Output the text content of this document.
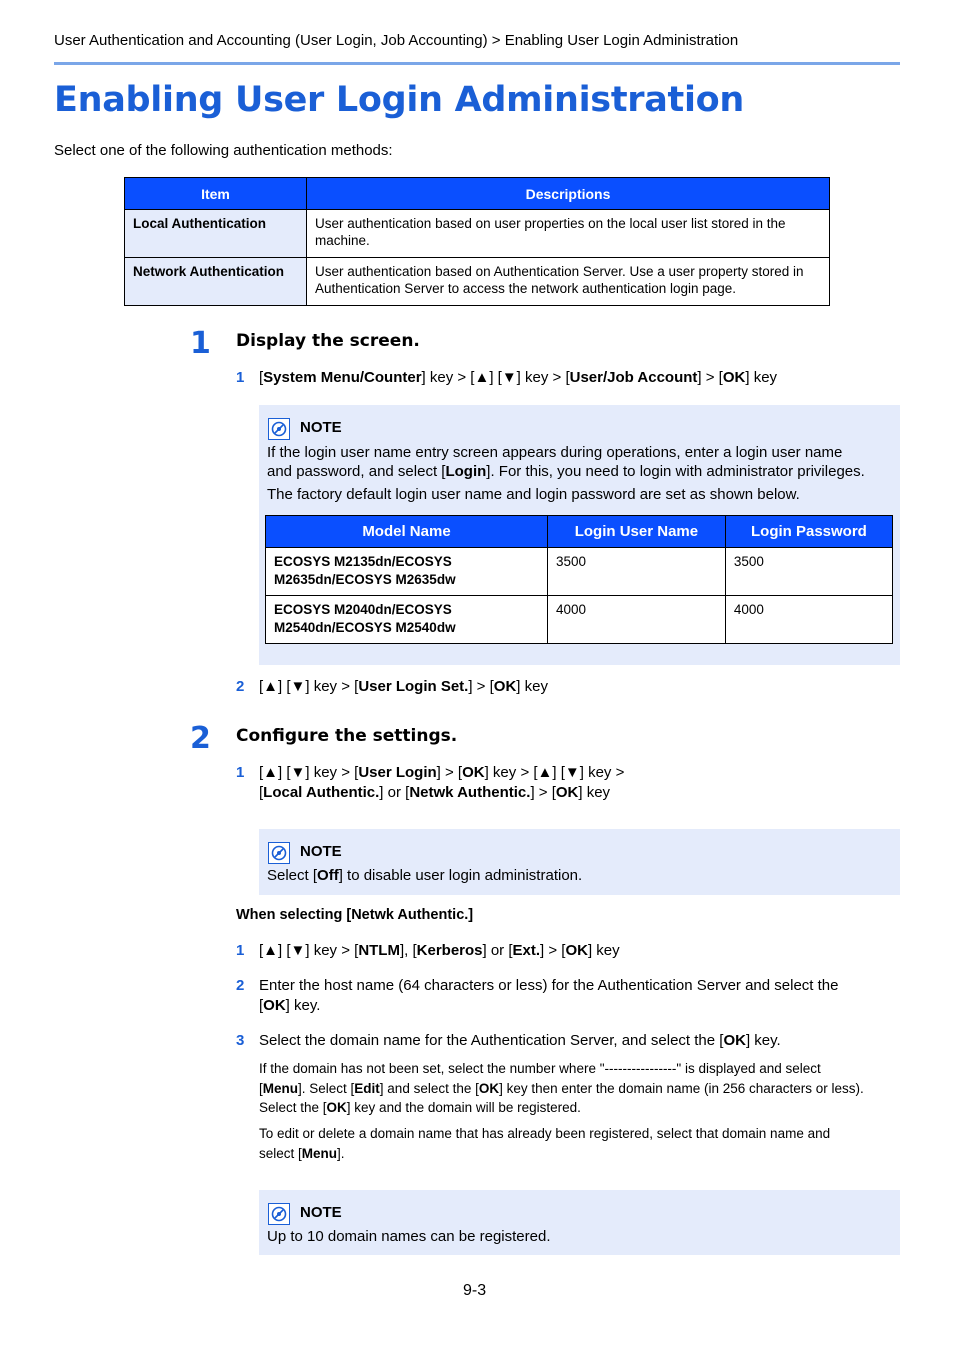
User Authentication and Accounting (User Login, Job Accounting) > Enabling User Login Administration
Enabling User Login Administration
Select one of the following authentication methods:
Item	Descriptions
Local Authentication	User authentication based on user properties on the local user list stored in the machine.
Network Authentication	User authentication based on Authentication Server. Use a user property stored in Authentication Server to access the network authentication login page.
1 Display the screen.
1 [System Menu/Counter] key > [▲] [▼] key > [User/Job Account] > [OK] key
NOTE
If the login user name entry screen appears during operations, enter a login user name
and password, and select [Login]. For this, you need to login with administrator privileges.
The factory default login user name and login password are set as shown below.
Model Name	Login User Name	Login Password

ECOSYS M2135dn/ECOSYS
M2635dn/ECOSYS M2635dw	3500	3500

ECOSYS M2040dn/ECOSYS
M2540dn/ECOSYS M2540dw	4000	4000
2 [▲] [▼] key > [User Login Set.] > [OK] key
2 Configure the settings.
1 [▲] [▼] key > [User Login] > [OK] key > [▲] [▼] key >
[Local Authentic.] or [Netwk Authentic.] > [OK] key
NOTE
Select [Off] to disable user login administration.
When selecting [Netwk Authentic.]
1 [▲] [▼] key > [NTLM], [Kerberos] or [Ext.] > [OK] key
2 Enter the host name (64 characters or less) for the Authentication Server and select the
[OK] key.
3 Select the domain name for the Authentication Server, and select the [OK] key.
If the domain has not been set, select the number where "----------------" is displayed and select
[Menu]. Select [Edit] and select the [OK] key then enter the domain name (in 256 characters or less).
Select the [OK] key and the domain will be registered.
To edit or delete a domain name that has already been registered, select that domain name and
select [Menu].
NOTE
Up to 10 domain names can be registered.
9-3
